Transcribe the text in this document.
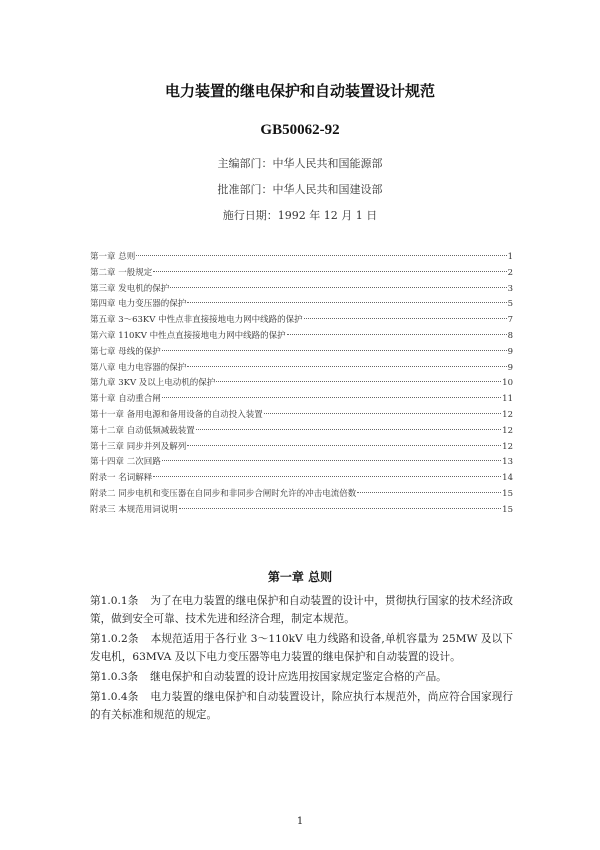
电力装置的继电保护和自动装置设计规范
GB50062-92
主编部门：中华人民共和国能源部
批准部门：中华人民共和国建设部
施行日期：1992 年 12 月 1 日
第一章 总则	1
第二章 一般规定	2
第三章 发电机的保护	3
第四章 电力变压器的保护	5
第五章 3～63KV 中性点非直接接地电力网中线路的保护	7
第六章 110KV 中性点直接接地电力网中线路的保护	8
第七章 母线的保护	9
第八章 电力电容器的保护	9
第九章 3KV 及以上电动机的保护	10
第十章 自动重合闸	11
第十一章 备用电源和备用设备的自动投入装置	12
第十二章 自动低频减载装置	12
第十三章 同步并列及解列	12
第十四章 二次回路	13
附录一 名词解释	14
附录二 同步电机和变压器在自同步和非同步合闸时允许的冲击电流倍数	15
附录三 本规范用词说明	15
第一章 总则

第1.0.1条 为了在电力装置的继电保护和自动装置的设计中，贯彻执行国家的技术经济政策，做到安全可靠、技术先进和经济合理，制定本规范。

第1.0.2条 本规范适用于各行业 3～110kV 电力线路和设备,单机容量为 25MW 及以下发电机，63MVA 及以下电力变压器等电力装置的继电保护和自动装置的设计。

第1.0.3条 继电保护和自动装置的设计应选用按国家规定鉴定合格的产品。

第1.0.4条 电力装置的继电保护和自动装置设计，除应执行本规范外，尚应符合国家现行的有关标准和规范的规定。

1
